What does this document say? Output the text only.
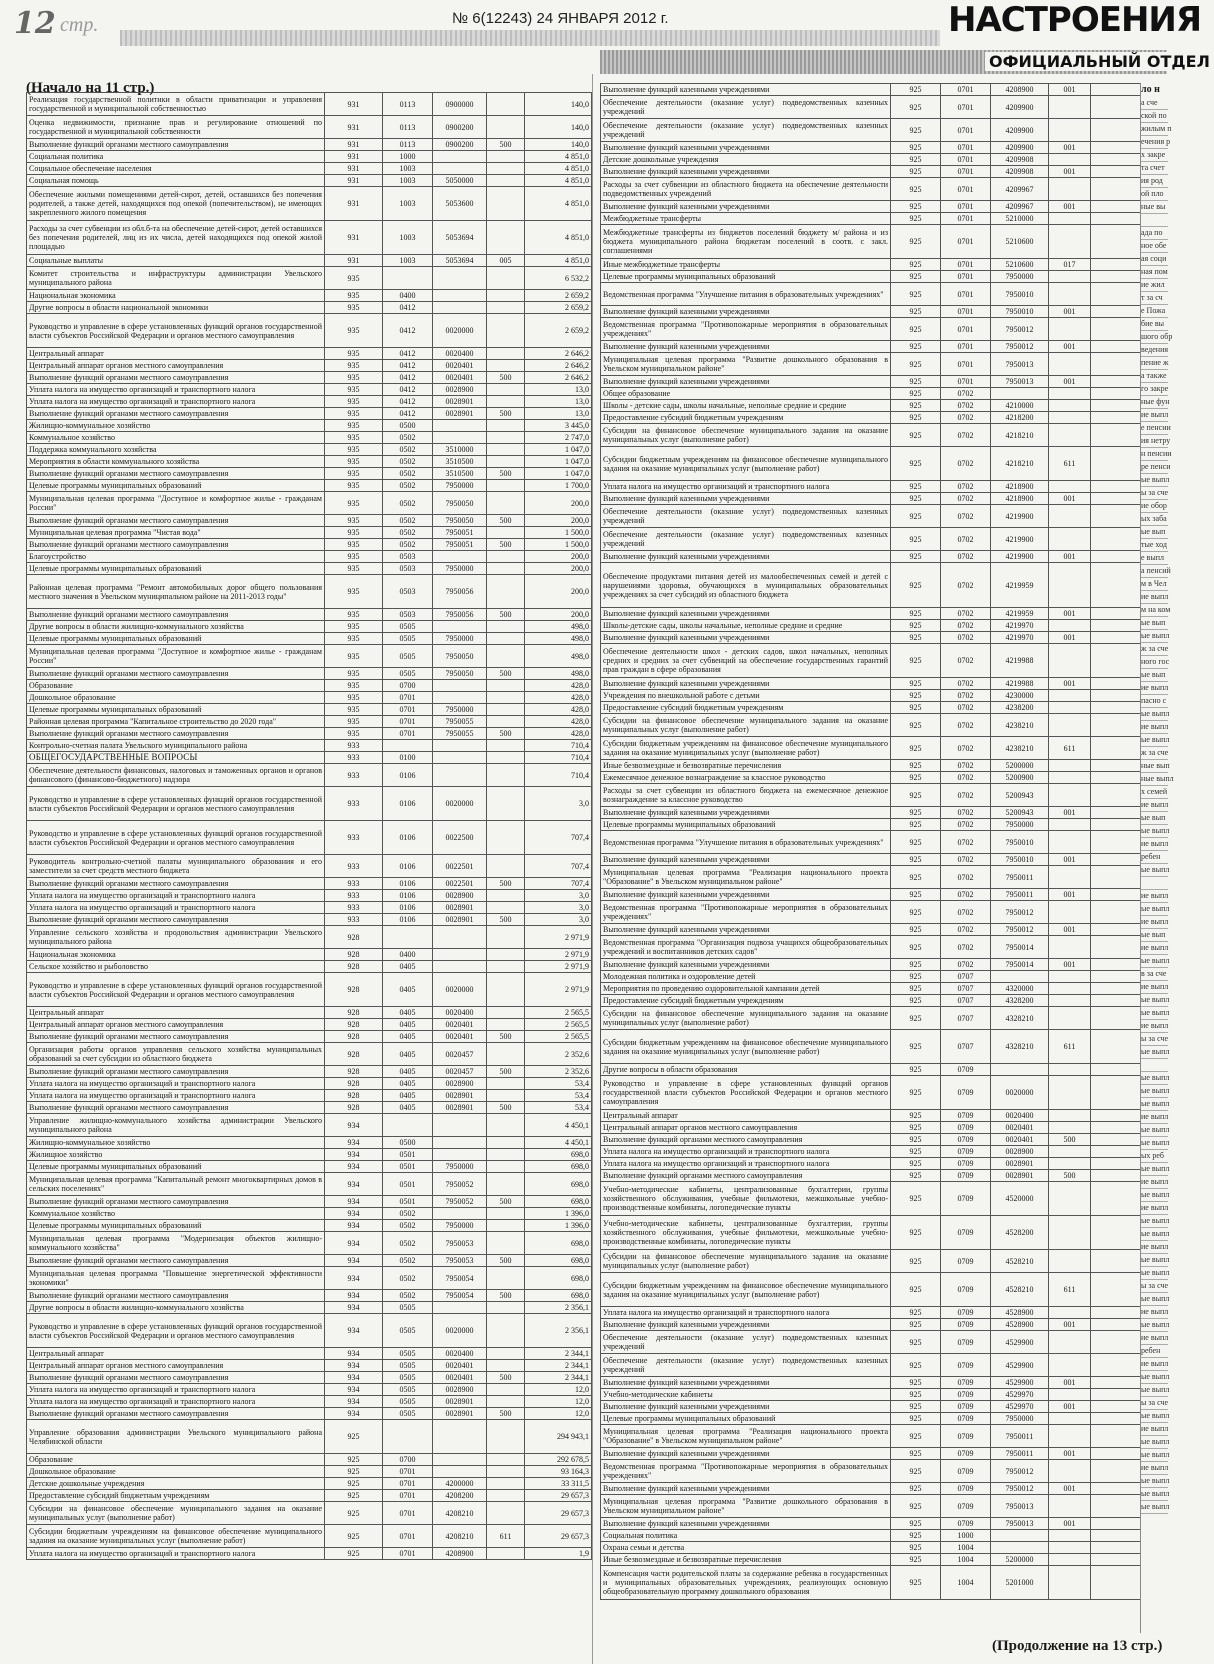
12 стр.	№ 6(12243) 24 ЯНВАРЯ 2012 г.	НАСТРОЕНИЯ
ОФИЦИАЛЬНЫЙ ОТДЕЛ
(Начало на 11 стр.)
Реализация государственной политики в области приватизации и управления государственной и муниципальной собственностью	931	0113	0900000		140,0
Оценка недвижимости, признание прав и регулирование отношений по государственной и муниципальной собственности	931	0113	0900200		140,0
Выполнение функций органами местного самоуправления	931	0113	0900200	500	140,0
Социальная политика	931	1000			4 851,0
Социальное обеспечение населения	931	1003			4 851,0
Социальная помощь	931	1003	5050000		4 851,0
Обеспечение жилыми помещениями детей-сирот, детей, оставшихся без попечения родителей, а также детей, находящихся под опекой (попечительством), не имеющих закрепленного жилого помещения	931	1003	5053600		4 851,0
Расходы за счет субвенции из обл.б-та на обеспечение детей-сирот, детей оставшихся без попечения родителей, лиц из их числа, детей находящихся под опекой жилой площадью	931	1003	5053694		4 851,0
Социальные выплаты	931	1003	5053694	005	4 851,0
Комитет строительства и инфраструктуры администрации Увельского муниципального района	935				6 532,2
Национальная экономика	935	0400			2 659,2
Другие вопросы в области национальной экономики	935	0412			2 659,2
Руководство и управление в сфере установленных функций органов государственной власти субъектов Российской Федерации и органов местного самоуправления	935	0412	0020000		2 659,2
Центральный аппарат	935	0412	0020400		2 646,2
Центральный аппарат органов местного самоуправления	935	0412	0020401		2 646,2
Выполнение функций органами местного самоуправления	935	0412	0020401	500	2 646,2
Уплата налога на имущество организаций и транспортного налога	935	0412	0028900		13,0
Уплата налога на имущество организаций и транспортного налога	935	0412	0028901		13,0
Выполнение функций органами местного самоуправления	935	0412	0028901	500	13,0
Жилищно-коммунальное хозяйство	935	0500			3 445,0
Коммунальное хозяйство	935	0502			2 747,0
Поддержка коммунального хозяйства	935	0502	3510000		1 047,0
Мероприятия в области коммунального хозяйства	935	0502	3510500		1 047,0
Выполнение функций органами местного самоуправления	935	0502	3510500	500	1 047,0
Целевые программы муниципальных образований	935	0502	7950000		1 700,0
Муниципальная целевая программа "Доступное и комфортное жилье - гражданам России"	935	0502	7950050		200,0
Выполнение функций органами местного самоуправления	935	0502	7950050	500	200,0
Муниципальная целевая программа "Чистая вода"	935	0502	7950051		1 500,0
Выполнение функций органами местного самоуправления	935	0502	7950051	500	1 500,0
Благоустройство	935	0503			200,0
Целевые программы муниципальных образований	935	0503	7950000		200,0
Районная целевая программа "Ремонт автомобильных дорог общего пользования местного значения в Увельском муниципальном районе на 2011-2013 годы"	935	0503	7950056		200,0
Выполнение функций органами местного самоуправления	935	0503	7950056	500	200,0
Другие вопросы в области жилищно-коммунального хозяйства	935	0505			498,0
Целевые программы муниципальных образований	935	0505	7950000		498,0
Муниципальная целевая программа "Доступное и комфортное жилье - гражданам России"	935	0505	7950050		498,0
Выполнение функций органами местного самоуправления	935	0505	7950050	500	498,0
Образование	935	0700			428,0
Дошкольное образование	935	0701			428,0
Целевые программы муниципальных образований	935	0701	7950000		428,0
Районная целевая программа "Капитальное строительство до 2020 года"	935	0701	7950055		428,0
Выполнение функций органами местного самоуправления	935	0701	7950055	500	428,0
Контрольно-счетная палата Увельского муниципального района	933				710,4
ОБЩЕГОСУДАРСТВЕННЫЕ ВОПРОСЫ	933	0100			710,4
Обеспечение деятельности финансовых, налоговых и таможенных органов и органов финансового (финансово-бюджетного) надзора	933	0106			710,4
Руководство и управление в сфере установленных функций органов государственной власти субъектов Российской Федерации и органов местного самоуправления	933	0106	0020000		3,0
Руководство и управление в сфере установленных функций органов государственной власти субъектов Российской Федерации и органов местного самоуправления	933	0106	0022500		707,4
Руководитель контрольно-счетной палаты муниципального образования и его заместители за счет средств местного бюджета	933	0106	0022501		707,4
Выполнение функций органами местного самоуправления	933	0106	0022501	500	707,4
Уплата налога на имущество организаций и транспортного налога	933	0106	0028900		3,0
Уплата налога на имущество организаций и транспортного налога	933	0106	0028901		3,0
Выполнение функций органами местного самоуправления	933	0106	0028901	500	3,0
Управление сельского хозяйства и продовольствия администрации Увельского муниципального района	928				2 971,9
Национальная экономика	928	0400			2 971,9
Сельское хозяйство и рыболовство	928	0405			2 971,9
Руководство и управление в сфере установленных функций органов государственной власти субъектов Российской Федерации и органов местного самоуправления	928	0405	0020000		2 971,9
Центральный аппарат	928	0405	0020400		2 565,5
Центральный аппарат органов местного самоуправления	928	0405	0020401		2 565,5
Выполнение функций органами местного самоуправления	928	0405	0020401	500	2 565,5
Организация работы органов управления сельского хозяйства муниципальных образований за счет субсидии из областного бюджета	928	0405	0020457		2 352,6
Выполнение функций органами местного самоуправления	928	0405	0020457	500	2 352,6
Уплата налога на имущество организаций и транспортного налога	928	0405	0028900		53,4
Уплата налога на имущество организаций и транспортного налога	928	0405	0028901		53,4
Выполнение функций органами местного самоуправления	928	0405	0028901	500	53,4
Управление жилищно-коммунального хозяйства администрации Увельского муниципального района	934				4 450,1
Жилищно-коммунальное хозяйство	934	0500			4 450,1
Жилищное хозяйство	934	0501			698,0
Целевые программы муниципальных образований	934	0501	7950000		698,0
Муниципальная целевая программа "Капитальный ремонт многоквартирных домов в сельских поселениях"	934	0501	7950052		698,0
Выполнение функций органами местного самоуправления	934	0501	7950052	500	698,0
Коммунальное хозяйство	934	0502			1 396,0
Целевые программы муниципальных образований	934	0502	7950000		1 396,0
Муниципальная целевая программа "Модернизация объектов жилищно-коммунального хозяйства"	934	0502	7950053		698,0
Выполнение функций органами местного самоуправления	934	0502	7950053	500	698,0
Муниципальная целевая программа "Повышение энергетической эффективности экономики"	934	0502	7950054		698,0
Выполнение функций органами местного самоуправления	934	0502	7950054	500	698,0
Другие вопросы в области жилищно-коммунального хозяйства	934	0505			2 356,1
Руководство и управление в сфере установленных функций органов государственной власти субъектов Российской Федерации и органов местного самоуправления	934	0505	0020000		2 356,1
Центральный аппарат	934	0505	0020400		2 344,1
Центральный аппарат органов местного самоуправления	934	0505	0020401		2 344,1
Выполнение функций органами местного самоуправления	934	0505	0020401	500	2 344,1
Уплата налога на имущество организаций и транспортного налога	934	0505	0028900		12,0
Уплата налога на имущество организаций и транспортного налога	934	0505	0028901		12,0
Выполнение функций органами местного самоуправления	934	0505	0028901	500	12,0
Управление образования администрации Увельского муниципального района Челябинской области	925				294 943,1
Образование	925	0700			292 678,5
Дошкольное образование	925	0701			93 164,3
Детские дошкольные учреждения	925	0701	4200000		33 311,5
Предоставление субсидий бюджетным учреждениям	925	0701	4208200		29 657,3
Субсидии на финансовое обеспечение муниципального задания на оказание муниципальных услуг (выполнение работ)	925	0701	4208210		29 657,3
Субсидии бюджетным учреждениям на финансовое обеспечение муниципального задания на оказание муниципальных услуг (выполнение работ)	925	0701	4208210	611	29 657,3
Уплата налога на имущество организаций и транспортного налога	925	0701	4208900		1,9
Выполнение функций казенными учреждениями	925	0701	4208900	001	
Обеспечение деятельности (оказание услуг) подведомственных казенных учреждений	925	0701	4209900		
Обеспечение деятельности (оказание услуг) подведомственных казенных учреждений	925	0701	4209900		
Выполнение функций казенными учреждениями	925	0701	4209900	001	
Детские дошкольные учреждения	925	0701	4209908		
Выполнение функций казенными учреждениями	925	0701	4209908	001	
Расходы за счет субвенции из областного бюджета на обеспечение деятельности подведомственных учреждений	925	0701	4209967		
Выполнение функций казенными учреждениями	925	0701	4209967	001	
Межбюджетные трансферты	925	0701	5210000		
Межбюджетные трансферты из бюджетов поселений бюджету м/ района и из бюджета муниципального района бюджетам поселений в соотв. с закл. соглашениями	925	0701	5210600		
Иные межбюджетные трансферты	925	0701	5210600	017	
Целевые программы муниципальных образований	925	0701	7950000		
Ведомственная программа "Улучшение питания в образовательных учреждениях"	925	0701	7950010		
Выполнение функций казенными учреждениями	925	0701	7950010	001	
Ведомственная программа "Противопожарные мероприятия в образовательных учреждениях"	925	0701	7950012		
Выполнение функций казенными учреждениями	925	0701	7950012	001	
Муниципальная целевая программа "Развитие дошкольного образования в Увельском муниципальном районе"	925	0701	7950013		
Выполнение функций казенными учреждениями	925	0701	7950013	001	
Общее образование	925	0702			
Школы - детские сады, школы начальные, неполные средние и средние	925	0702	4210000		
Предоставление субсидий бюджетным учреждениям	925	0702	4218200		
Субсидии на финансовое обеспечение муниципального задания на оказание муниципальных услуг (выполнение работ)	925	0702	4218210		
Субсидии бюджетным учреждениям на финансовое обеспечение муниципального задания на оказание муниципальных услуг (выполнение работ)	925	0702	4218210	611	
Уплата налога на имущество организаций и транспортного налога	925	0702	4218900		
Выполнение функций казенными учреждениями	925	0702	4218900	001	
Обеспечение деятельности (оказание услуг) подведомственных казенных учреждений	925	0702	4219900		
Обеспечение деятельности (оказание услуг) подведомственных казенных учреждений	925	0702	4219900		
Выполнение функций казенными учреждениями	925	0702	4219900	001	
Обеспечение продуктами питания детей из малообеспеченных семей и детей с нарушениями здоровья, обучающихся в муниципальных образовательных учреждениях за счет субсидий из областного бюджета	925	0702	4219959		
Выполнение функций казенными учреждениями	925	0702	4219959	001	
Школы-детские сады, школы начальные, неполные средние и средние	925	0702	4219970		
Выполнение функций казенными учреждениями	925	0702	4219970	001	
Обеспечение деятельности школ - детских садов, школ начальных, неполных средних и средних за счет субвенций на обеспечение государственных гарантий прав граждан в сфере образования	925	0702	4219988		
Выполнение функций казенными учреждениями	925	0702	4219988	001	
Учреждения по внешкольной работе с детьми	925	0702	4230000		
Предоставление субсидий бюджетным учреждениям	925	0702	4238200		
Субсидии на финансовое обеспечение муниципального задания на оказание муниципальных услуг (выполнение работ)	925	0702	4238210		
Субсидии бюджетным учреждениям на финансовое обеспечение муниципального задания на оказание муниципальных услуг (выполнение работ)	925	0702	4238210	611	
Иные безвозмездные и безвозвратные перечисления	925	0702	5200000		
Ежемесячное денежное вознаграждение за классное руководство	925	0702	5200900		
Расходы за счет субвенции из областного бюджета на ежемесячное денежное вознаграждение за классное руководство	925	0702	5200943		
Выполнение функций казенными учреждениями	925	0702	5200943	001	
Целевые программы муниципальных образований	925	0702	7950000		
Ведомственная программа "Улучшение питания в образовательных учреждениях"	925	0702	7950010		
Выполнение функций казенными учреждениями	925	0702	7950010	001	
Муниципальная целевая программа "Реализация национального проекта "Образование" в Увельском муниципальном районе"	925	0702	7950011		
Выполнение функций казенными учреждениями	925	0702	7950011	001	
Ведомственная программа "Противопожарные мероприятия в образовательных учреждениях"	925	0702	7950012		
Выполнение функций казенными учреждениями	925	0702	7950012	001	
Ведомственная программа "Организация подвоза учащихся общеобразовательных учреждений и воспитанников детских садов"	925	0702	7950014		
Выполнение функций казенными учреждениями	925	0702	7950014	001	
Молодежная политика и оздоровление детей	925	0707			
Мероприятия по проведению оздоровительной кампании детей	925	0707	4320000		
Предоставление субсидий бюджетным учреждениям	925	0707	4328200		
Субсидии на финансовое обеспечение муниципального задания на оказание муниципальных услуг (выполнение работ)	925	0707	4328210		
Субсидии бюджетным учреждениям на финансовое обеспечение муниципального задания на оказание муниципальных услуг (выполнение работ)	925	0707	4328210	611	
Другие вопросы в области образования	925	0709			
Руководство и управление в сфере установленных функций органов государственной власти субъектов Российской Федерации и органов местного самоуправления	925	0709	0020000		
Центральный аппарат	925	0709	0020400		
Центральный аппарат органов местного самоуправления	925	0709	0020401		
Выполнение функций органами местного самоуправления	925	0709	0020401	500	
Уплата налога на имущество организаций и транспортного налога	925	0709	0028900		
Уплата налога на имущество организаций и транспортного налога	925	0709	0028901		
Выполнение функций органами местного самоуправления	925	0709	0028901	500	
Учебно-методические кабинеты, централизованные бухгалтерии, группы хозяйственного обслуживания, учебные фильмотеки, межшкольные учебно-производственные комбинаты, логопедические пункты	925	0709	4520000		
Учебно-методические кабинеты, централизованные бухгалтерии, группы хозяйственного обслуживания, учебные фильмотеки, межшкольные учебно-производственные комбинаты, логопедические пункты	925	0709	4528200		
Субсидии на финансовое обеспечение муниципального задания на оказание муниципальных услуг (выполнение работ)	925	0709	4528210		
Субсидии бюджетным учреждениям на финансовое обеспечение муниципального задания на оказание муниципальных услуг (выполнение работ)	925	0709	4528210	611	
Уплата налога на имущество организаций и транспортного налога	925	0709	4528900		
Выполнение функций казенными учреждениями	925	0709	4528900	001	
Обеспечение деятельности (оказание услуг) подведомственных казенных учреждений	925	0709	4529900		
Обеспечение деятельности (оказание услуг) подведомственных казенных учреждений	925	0709	4529900		
Выполнение функций казенными учреждениями	925	0709	4529900	001	
Учебно-методические кабинеты	925	0709	4529970		
Выполнение функций казенными учреждениями	925	0709	4529970	001	
Целевые программы муниципальных образований	925	0709	7950000		
Муниципальная целевая программа "Реализация национального проекта "Образование" в Увельском муниципальном районе"	925	0709	7950011		
Выполнение функций казенными учреждениями	925	0709	7950011	001	
Ведомственная программа "Противопожарные мероприятия в образовательных учреждениях"	925	0709	7950012		
Выполнение функций казенными учреждениями	925	0709	7950012	001	
Муниципальная целевая программа "Развитие дошкольного образования в Увельском муниципальном районе"	925	0709	7950013		
Выполнение функций казенными учреждениями	925	0709	7950013	001	
Социальная политика	925	1000			
Охрана семьи и детства	925	1004			
Иные безвозмездные и безвозвратные перечисления	925	1004	5200000		
Компенсация части родительской платы за содержание ребенка в государственных и муниципальных образовательных учреждениях, реализующих основную общеобразовательную программу дошкольного образования	925	1004	5201000		
ло н
а сче
ской по
жилым п
ечения р
х закре
та счет
ия род
ой пло
ные вы
ада по
ное обе
ая соци
ная пом
ие жил
т за сч
е Пожа
бие вы
шого обр
ведения
пение ж
а также
го закре
ные фун
ие выпл
е пенсии
ия нетру
н пенсии
ре пенси
ые выпл
ы за сче
ие обор
ых заба
ые вып
тые ход
е выпл
а пенсий
м в Чел
ие выпл
м на ком
ые вып
ые выпл
ж за сче
ного гос
ые вып
ие выпл
пасно с
ые выпл
ие выпл
ые выпл
ж за сче
ные вып
ные выпл
х семей
ие выпл
ые вып
ые выпл
ие выпл
ребен
ые выпл
ие выпл
ые выпл
ие выпл
ые вып
ие выпл
ые выпл
в за сче
ие выпл
ые выпл
ые выпл
ие выпл
ы за сче
ые выпл
ые выпл
ые выпл
ые выпл
ие выпл
ые выпл
ые выпл
ых реб
ые выпл
ие выпл
ые выпл
ие выпл
ые выпл
ые выпл
ие выпл
ые выпл
ые выпл
ы за сче
ые выпл
ие выпл
ые выпл
ие выпл
ребен
ие выпл
ые выпл
ые выпл
ы за сче
ые выпл
ие выпл
ые выпл
ые выпл
ие выпл
ые выпл
ые выпл
ые выпл
(Продолжение на 13 стр.)
